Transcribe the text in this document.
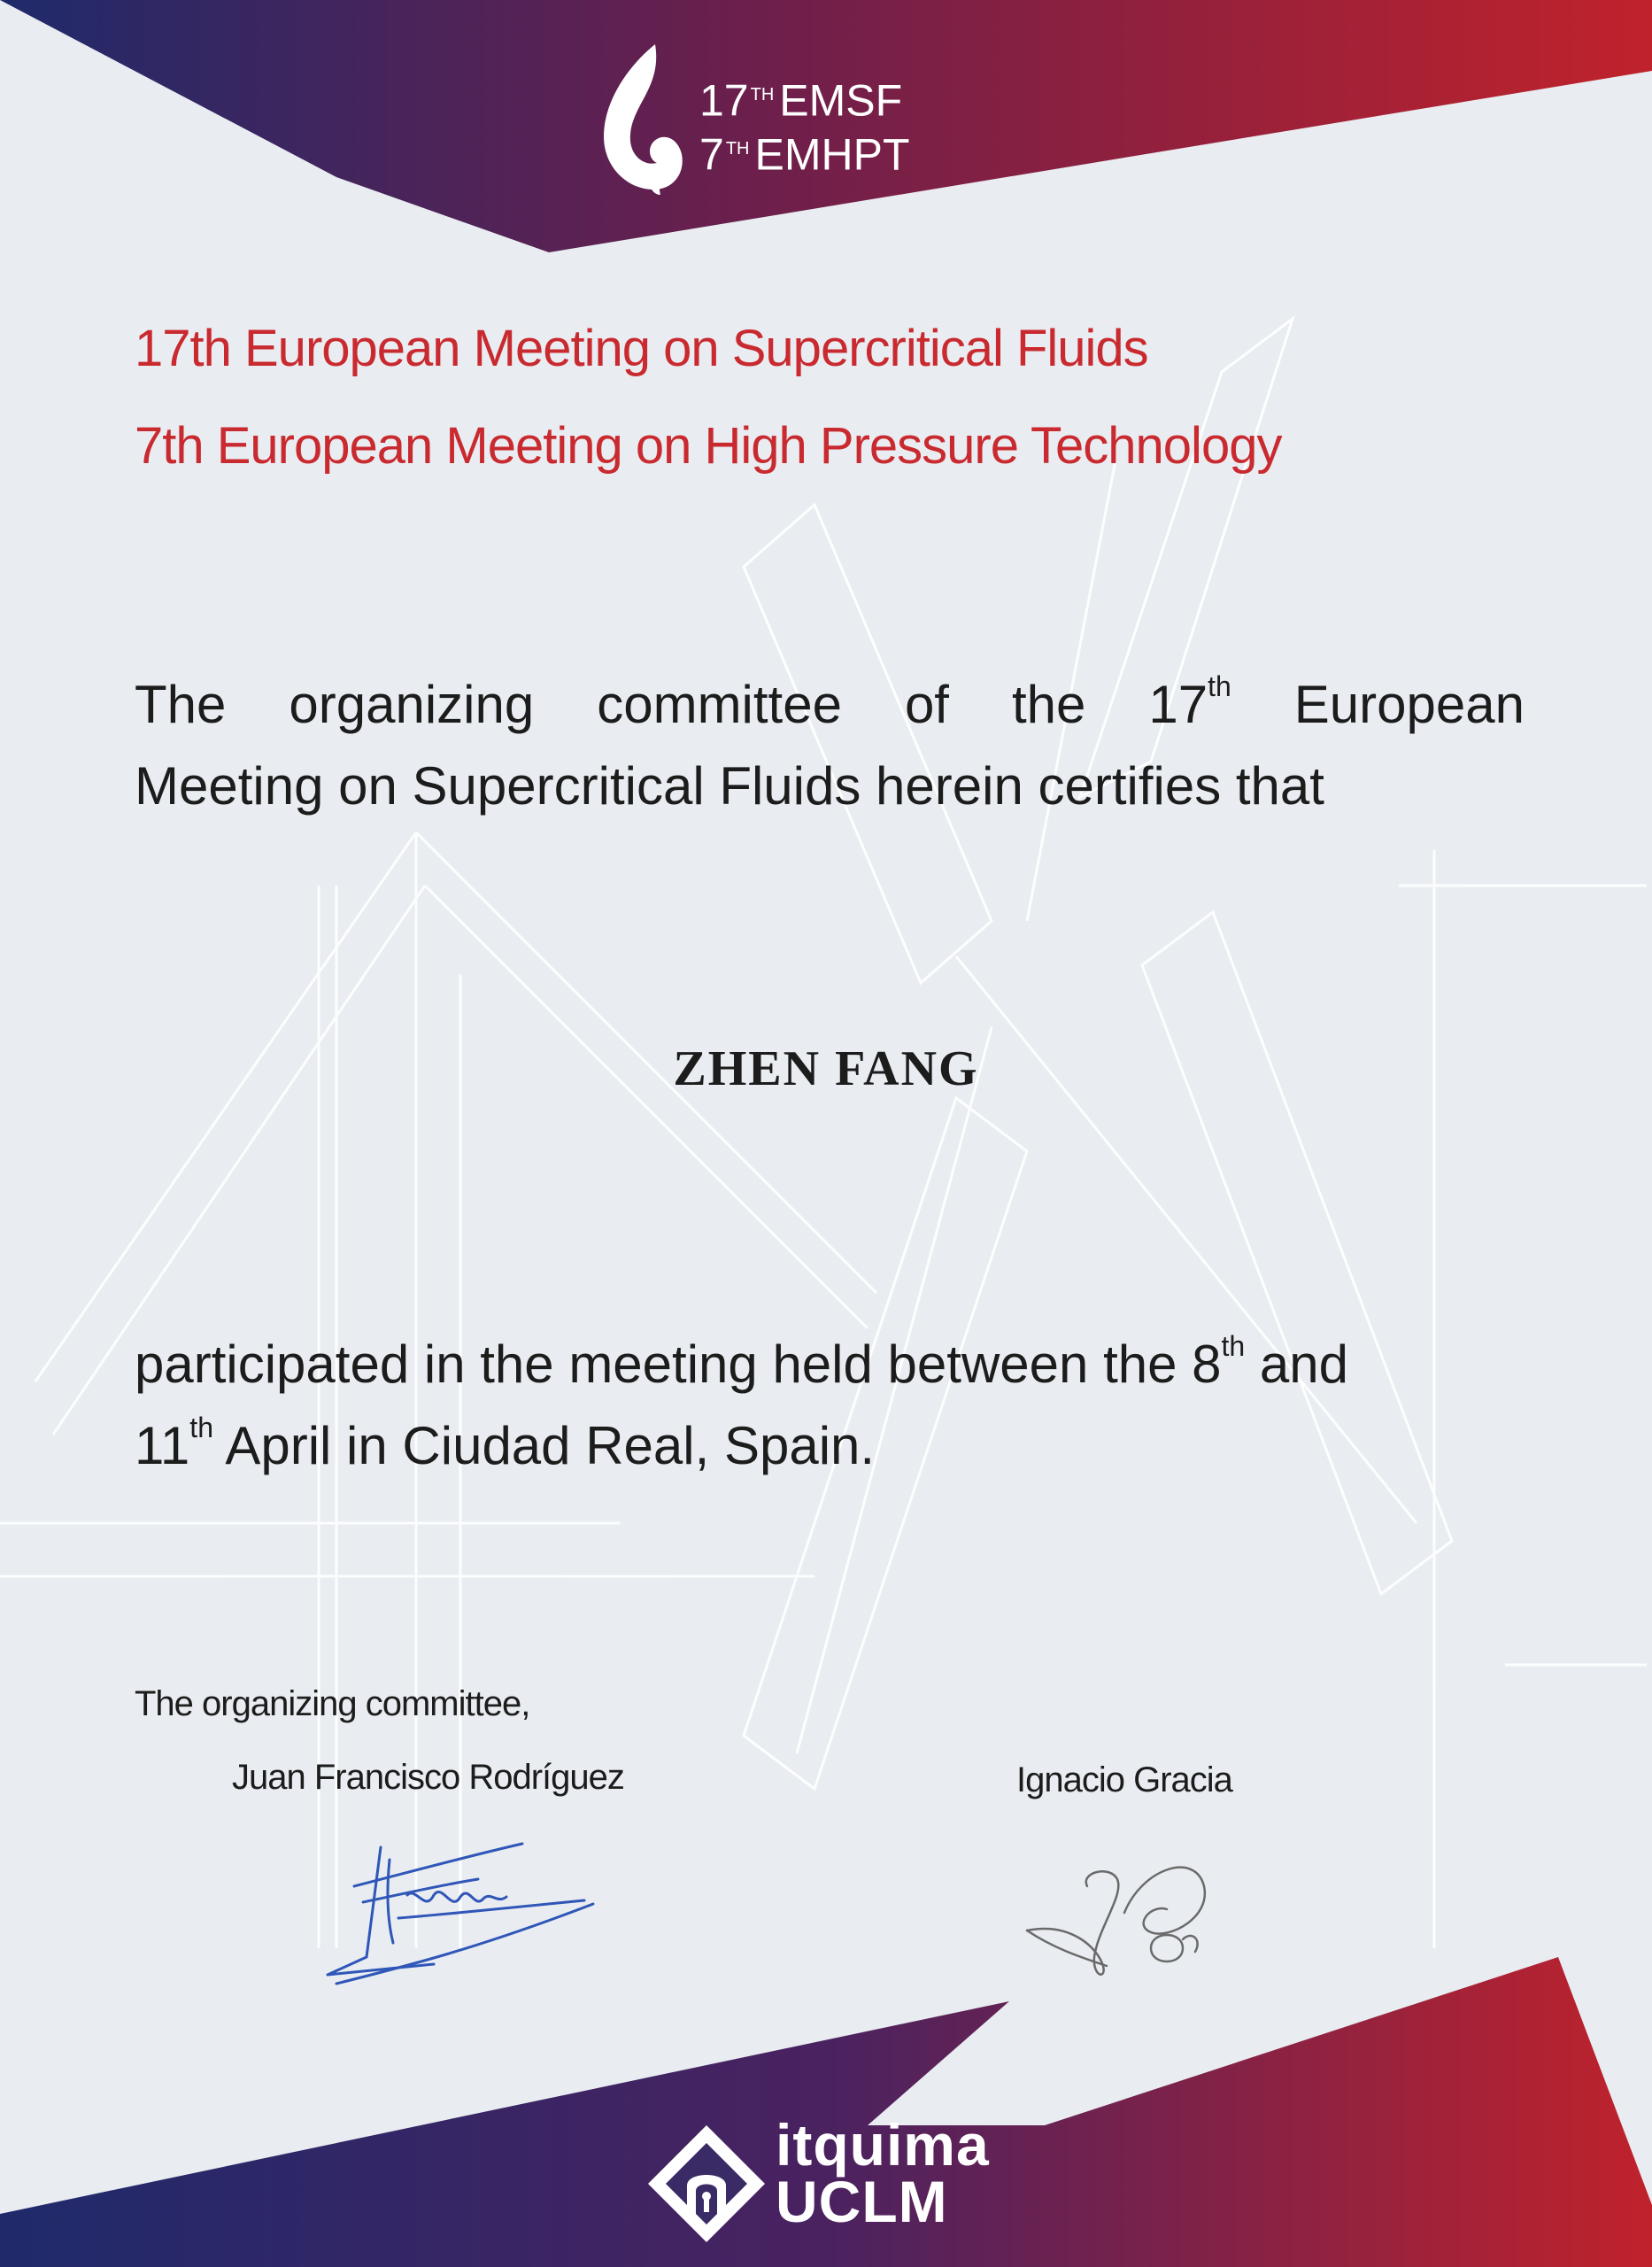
17 $^{TH}$ EMSF
7 $^{TH}$ EMHPT
17th European Meeting on Supercritical Fluids
7th European Meeting on High Pressure Technology
The organizing committee of the 17th European
Meeting on Supercritical Fluids herein certifies that
ZHEN FANG
participated in the meeting held between the 8th and
11th April in Ciudad Real, Spain.
The organizing committee,
Juan Francisco Rodríguez	Ignacio Gracia
itquima
UCLM
